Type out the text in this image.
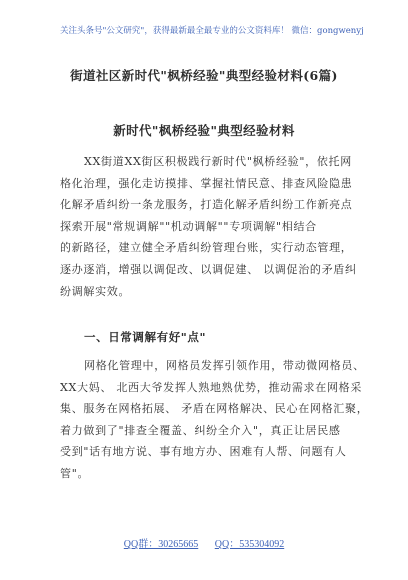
关注头条号"公文研究"，获得最新最全最专业的公文资料库！ 微信：gongwenyj
街道社区新时代"枫桥经验"典型经验材料(6篇)
新时代"枫桥经验"典型经验材料
XX街道XX街区积极践行新时代"枫桥经验"，依托网
格化治理，强化走访摸排、掌握社情民意、排查风险隐患
化解矛盾纠纷一条龙服务，打造化解矛盾纠纷工作新亮点
探索开展"常规调解""机动调解""专项调解"相结合
的新路径，建立健全矛盾纠纷管理台账，实行动态管理，
逐办逐消，增强以调促改、以调促建、 以调促治的矛盾纠
纷调解实效。
一、日常调解有好"点"
网格化管理中，网格员发挥引领作用，带动微网格员、
XX大妈、 北西大爷发挥人熟地熟优势，推动需求在网格采
集、服务在网格拓展、 矛盾在网格解决、民心在网格汇聚，
着力做到了"排查全覆盖、纠纷全介入"，真正让居民感
受到"话有地方说、事有地方办、困难有人帮、问题有人
管"。
QQ群：30265665 QQ：535304092
